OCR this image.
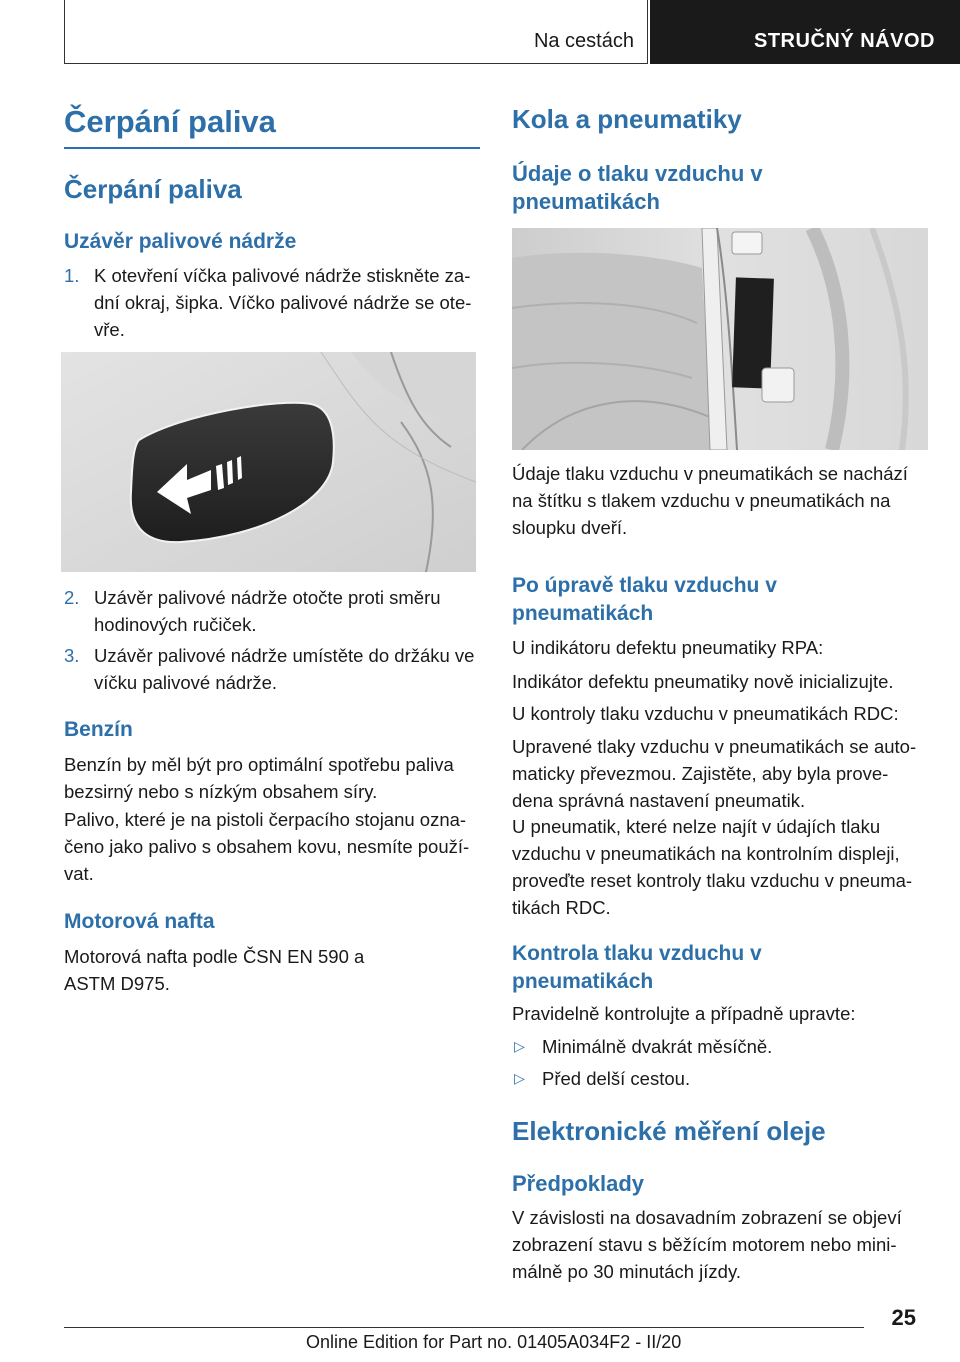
Na cestách	STRUČNÝ NÁVOD
Čerpání paliva
Čerpání paliva
Uzávěr palivové nádrže
1. K otevření víčka palivové nádrže stiskněte za-
dní okraj, šipka. Víčko palivové nádrže se ote-
vře.

2. Uzávěr palivové nádrže otočte proti směru
hodinových ručiček.

3. Uzávěr palivové nádrže umístěte do držáku ve
víčku palivové nádrže.

Benzín

Benzín by měl být pro optimální spotřebu paliva
bezsirný nebo s nízkým obsahem síry.

Palivo, které je na pistoli čerpacího stojanu ozna-
čeno jako palivo s obsahem kovu, nesmíte použí-
vat.

Motorová nafta

Motorová nafta podle ČSN EN 590 a
ASTM D975.

Kola a pneumatiky
Údaje o tlaku vzduchu v
pneumatikách

Údaje tlaku vzduchu v pneumatikách se nachází
na štítku s tlakem vzduchu v pneumatikách na
sloupku dveří.

Po úpravě tlaku vzduchu v
pneumatikách

U indikátoru defektu pneumatiky RPA:

Indikátor defektu pneumatiky nově inicializujte.

U kontroly tlaku vzduchu v pneumatikách RDC:

Upravené tlaky vzduchu v pneumatikách se auto-
maticky převezmou. Zajistěte, aby byla prove-
dena správná nastavení pneumatik.

U pneumatik, které nelze najít v údajích tlaku
vzduchu v pneumatikách na kontrolním displeji,
proveďte reset kontroly tlaku vzduchu v pneuma-
tikách RDC.

Kontrola tlaku vzduchu v
pneumatikách

Pravidelně kontrolujte a případně upravte:

▷ Minimálně dvakrát měsíčně.

▷ Před delší cestou.

Elektronické měření oleje
Předpoklady

V závislosti na dosavadním zobrazení se objeví
zobrazení stavu s běžícím motorem nebo mini-
málně po 30 minutách jízdy.

25
Online Edition for Part no. 01405A034F2 - II/20
